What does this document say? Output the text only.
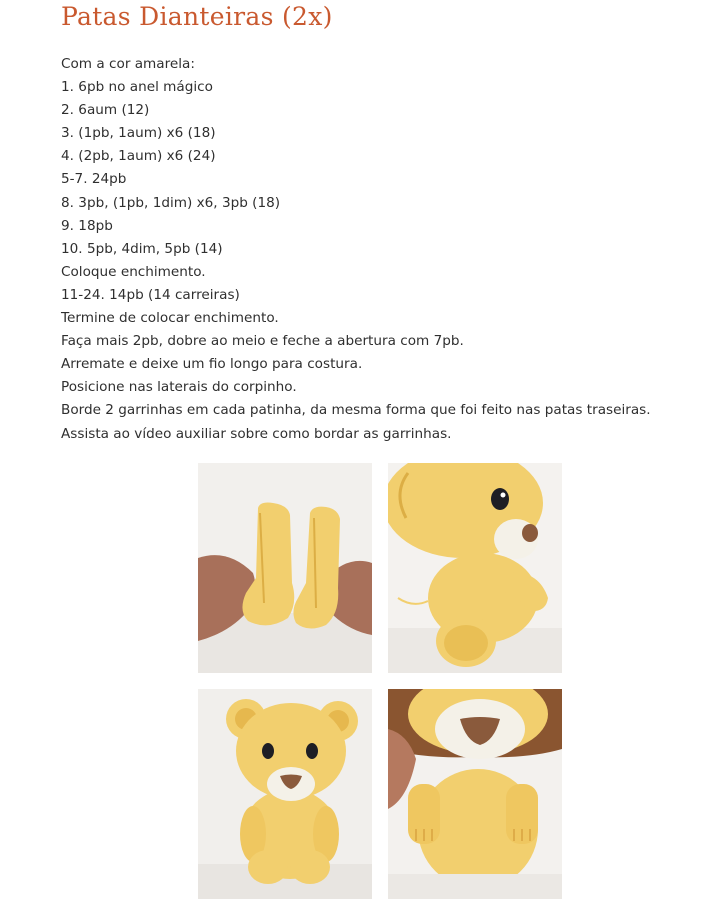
Patas Dianteiras (2x)
Com a cor amarela:
1. 6pb no anel mágico
2. 6aum (12)
3. (1pb, 1aum) x6 (18)
4. (2pb, 1aum) x6 (24)
5-7. 24pb
8. 3pb, (1pb, 1dim) x6, 3pb (18)
9. 18pb
10. 5pb, 4dim, 5pb (14)
Coloque enchimento.
11-24. 14pb (14 carreiras)
Termine de colocar enchimento.
Faça mais 2pb, dobre ao meio e feche a abertura com 7pb.
Arremate e deixe um fio longo para costura.
Posicione nas laterais do corpinho.
Borde 2 garrinhas em cada patinha, da mesma forma que foi feito nas patas traseiras.
Assista ao vídeo auxiliar sobre como bordar as garrinhas.
